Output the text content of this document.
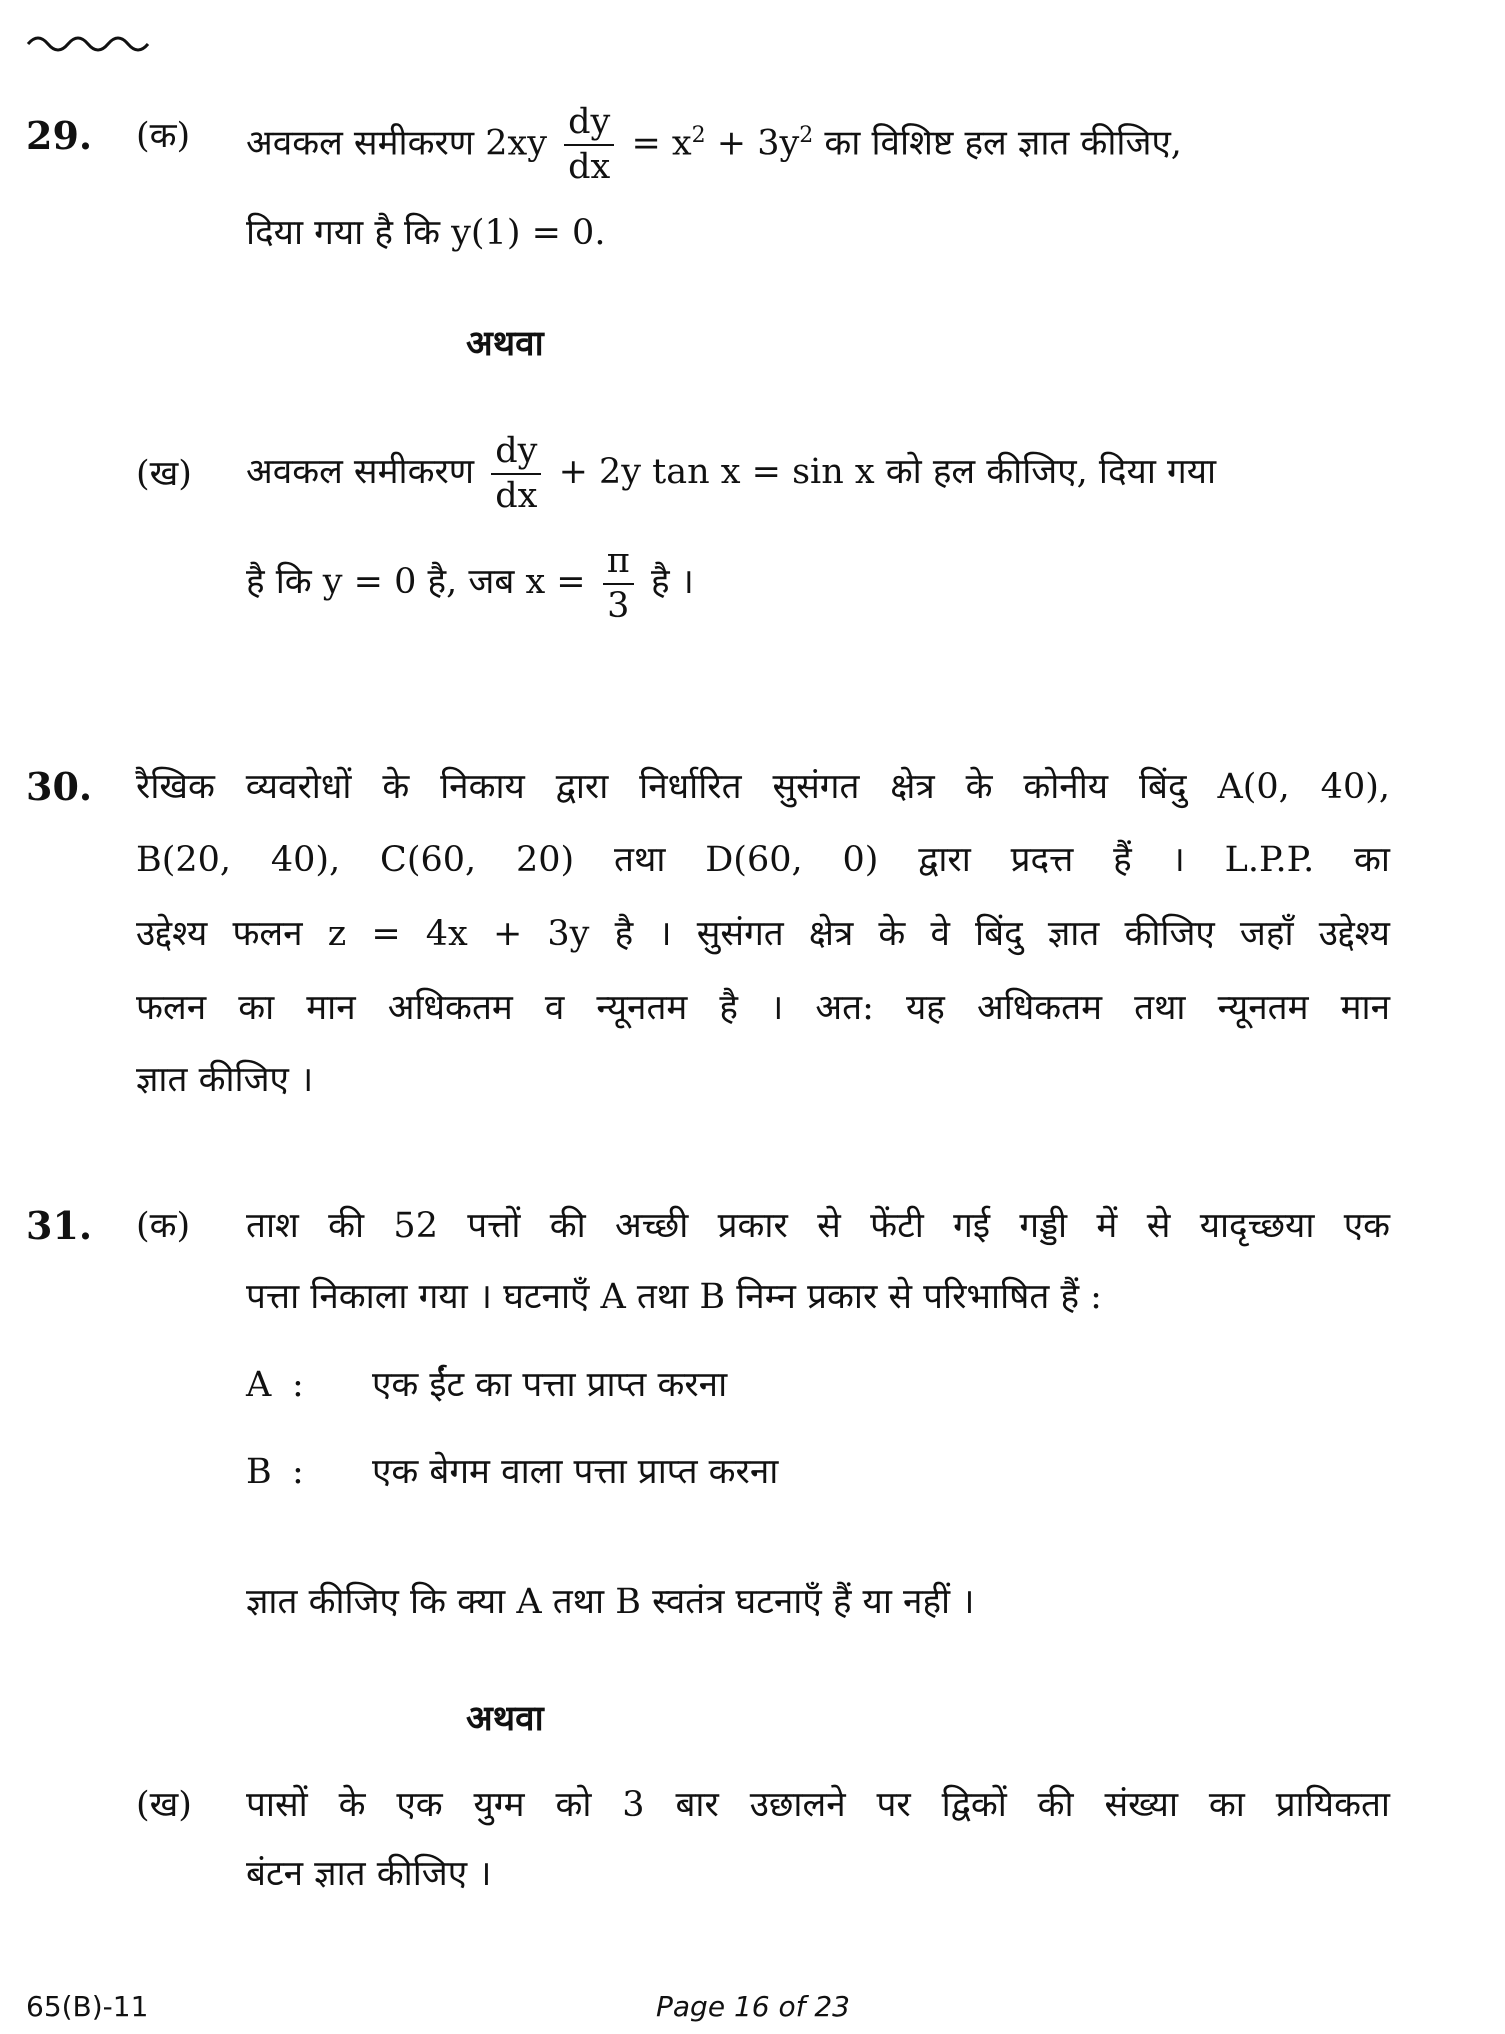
29. (क) अवकल समीकरण $2xy \frac{dy}{dx} = x^2 + 3y^2$ का विशिष्ट हल ज्ञात कीजिए,
दिया गया है कि y(1) = 0.
अथवा
(ख) अवकल समीकरण $\frac{dy}{dx} + 2y$ tan x = sin x को हल कीजिए, दिया गया
है कि y = 0 है, जब $x = \frac{\pi}{3}$ है ।
30. रैखिक व्यवरोधों के निकाय द्वारा निर्धारित सुसंगत क्षेत्र के कोनीय बिंदु A(0, 40),
B(20, 40), C(60, 20) तथा D(60, 0) द्वारा प्रदत्त हैं । L.P.P. का
उद्देश्य फलन z = 4x + 3y है । सुसंगत क्षेत्र के वे बिंदु ज्ञात कीजिए जहाँ उद्देश्य
फलन का मान अधिकतम व न्यूनतम है । अत: यह अधिकतम तथा न्यूनतम मान
ज्ञात कीजिए ।
31. (क) ताश की 52 पत्तों की अच्छी प्रकार से फेंटी गई गड्डी में से यादृच्छया एक
पत्ता निकाला गया । घटनाएँ A तथा B निम्न प्रकार से परिभाषित हैं :
A : एक ईंट का पत्ता प्राप्त करना
B : एक बेगम वाला पत्ता प्राप्त करना
ज्ञात कीजिए कि क्या A तथा B स्वतंत्र घटनाएँ हैं या नहीं ।
अथवा
(ख) पासों के एक युग्म को 3 बार उछालने पर द्विकों की संख्या का प्रायिकता
बंटन ज्ञात कीजिए ।
65(B)-11	Page 16 of 23
